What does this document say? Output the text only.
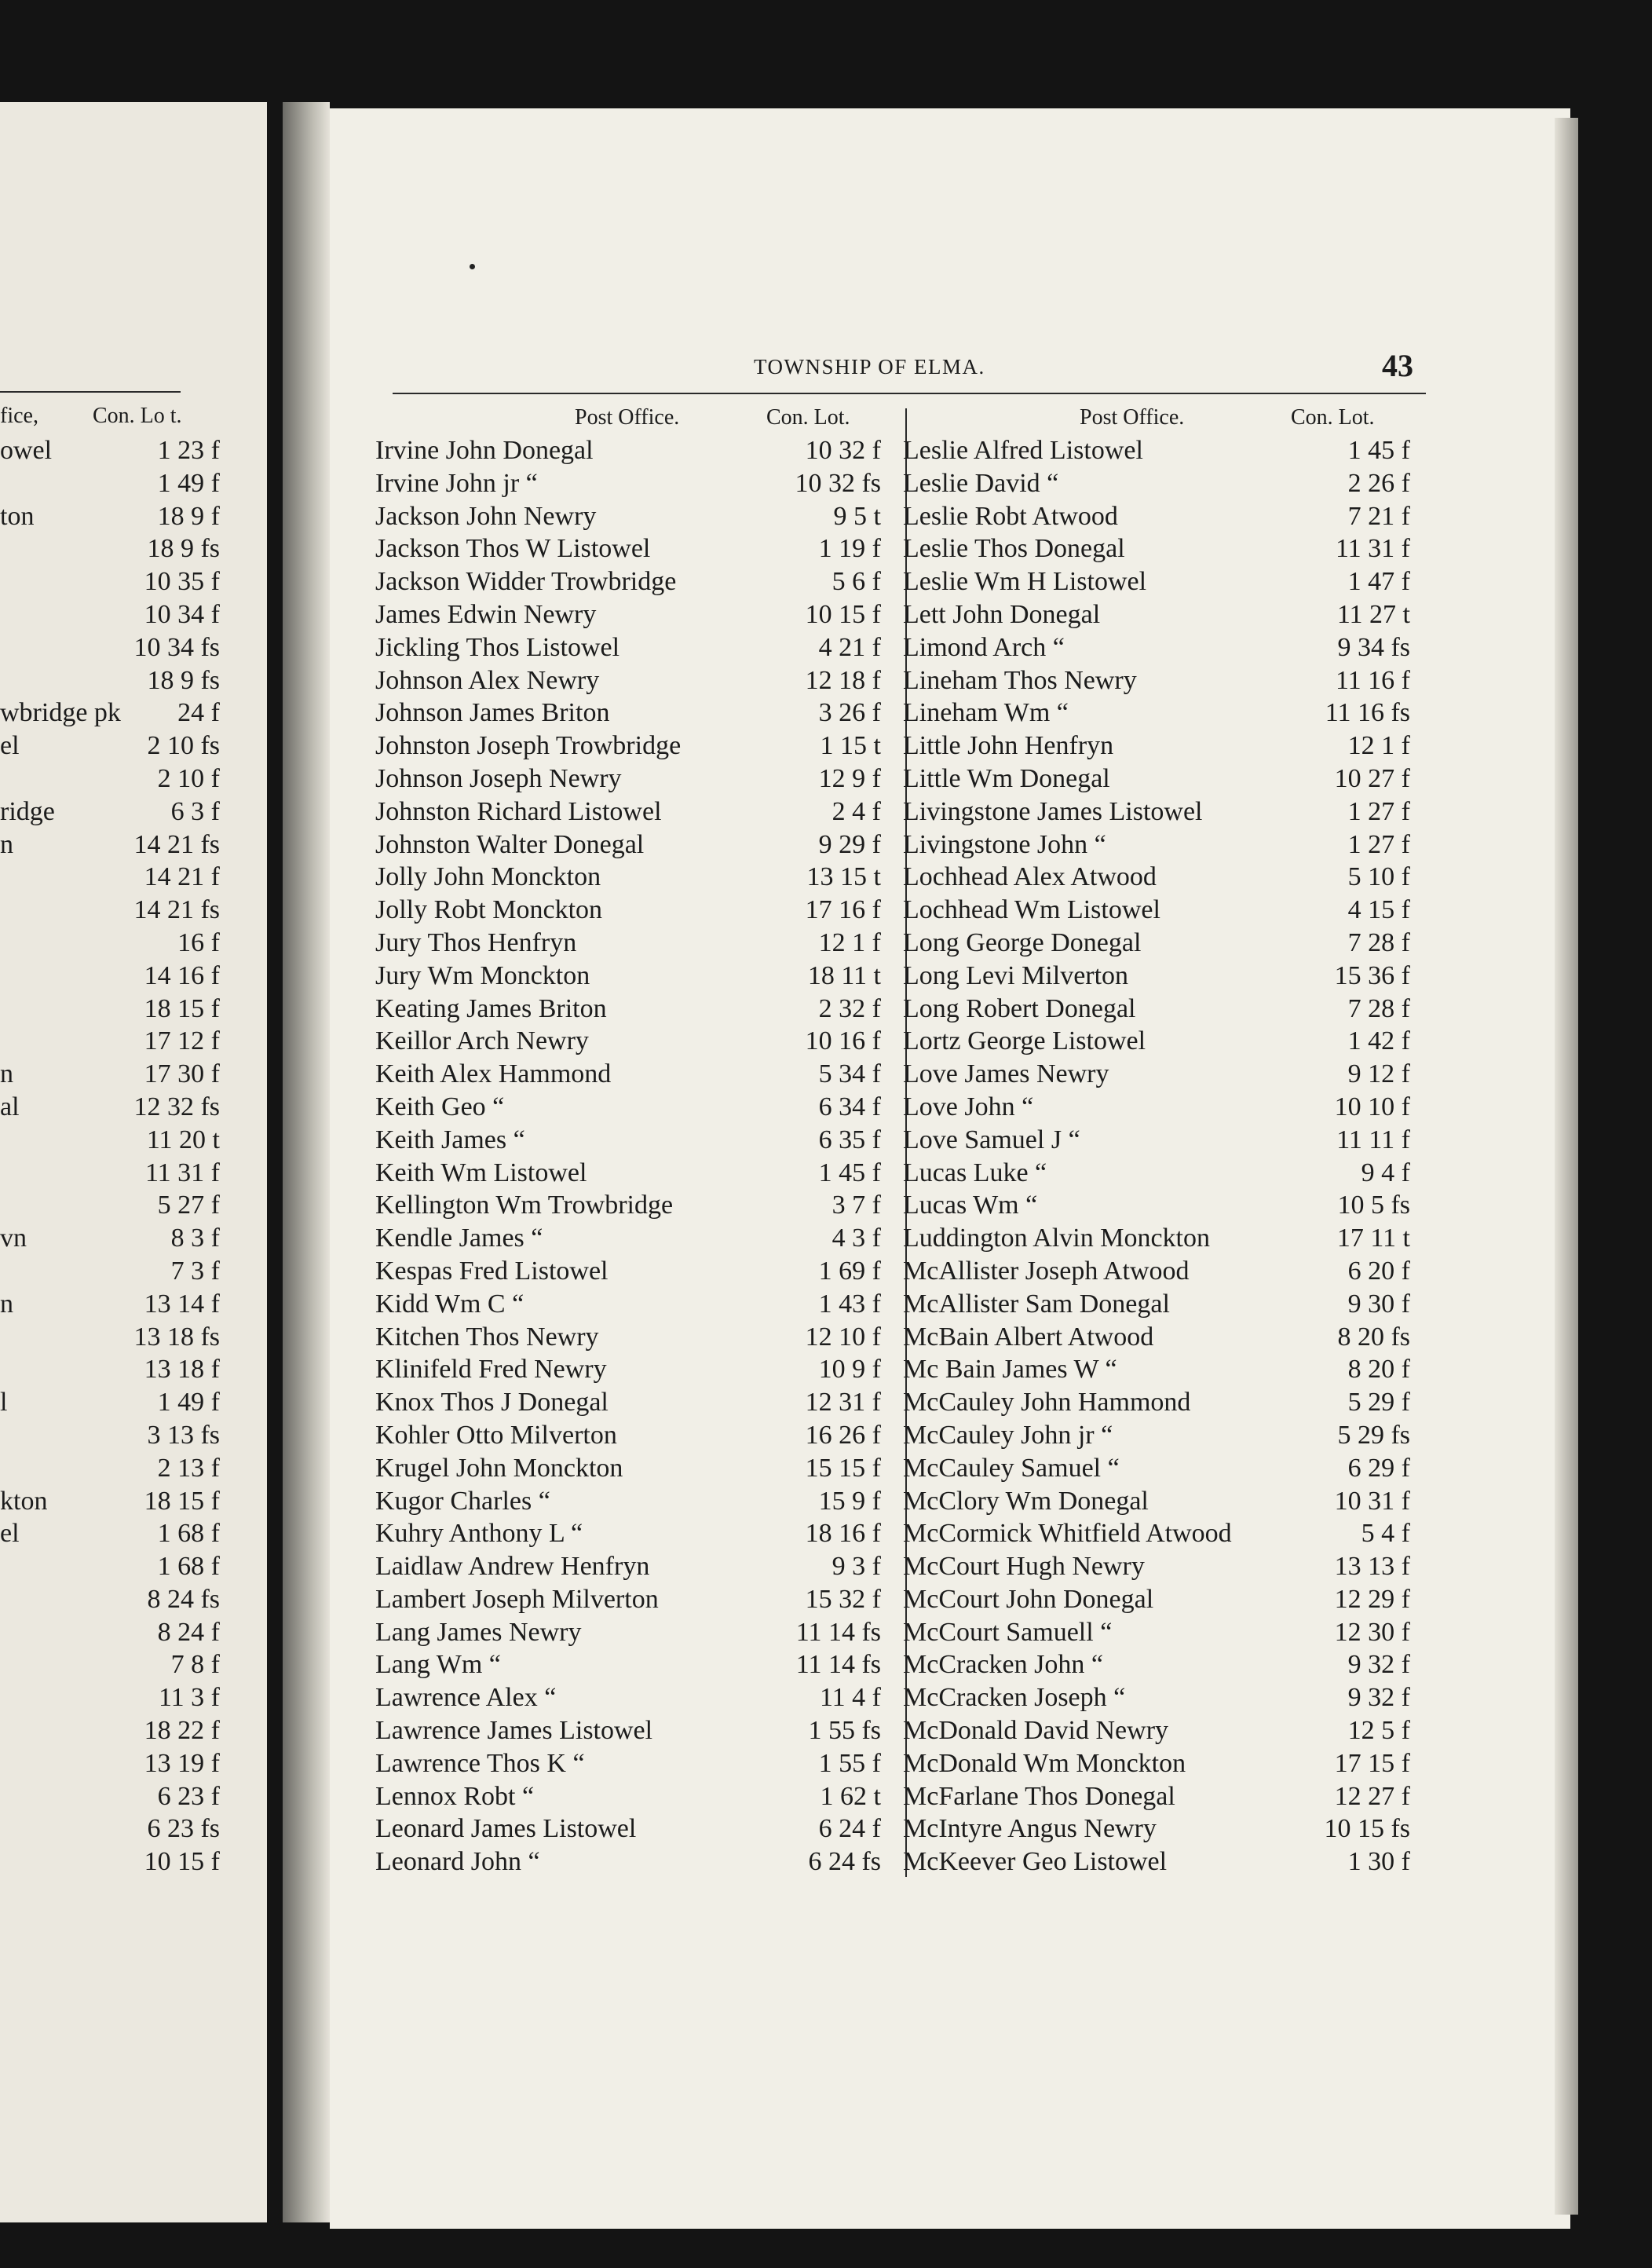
fice, Con. Lo t.
owel	1 23 f
1 49 f
ton	18 9 f
18 9 fs
10 35 f
10 34 f
10 34 fs
18 9 fs
wbridge pk 24 f
el	2 10 fs
2 10 f
ridge	6 3 f
n	14 21 fs
14 21 f
14 21 fs
16 f
14 16 f
18 15 f
17 12 f
n	17 30 f
al	12 32 fs
11 20 t
11 31 f
5 27 f
vn	8 3 f
7 3 f
n	13 14 f
13 18 fs
13 18 f
l	1 49 f
3 13 fs
2 13 f
kton	18 15 f
el	1 68 f
1 68 f
8 24 fs
8 24 f
7 8 f
11 3 f
18 22 f
13 19 f
6 23 f
6 23 fs
10 15 f
TOWNSHIP OF ELMA.	43
Post Office.	Con. Lot.	Post Office.	Con. Lot.
Irvine John Donegal	10 32 f
Irvine John jr “	10 32 fs
Jackson John Newry	9 5 t
Jackson Thos W Listowel	1 19 f
Jackson Widder Trowbridge	5 6 f
James Edwin Newry	10 15 f
Jickling Thos Listowel	4 21 f
Johnson Alex Newry	12 18 f
Johnson James Briton	3 26 f
Johnston Joseph Trowbridge	1 15 t
Johnson Joseph Newry	12 9 f
Johnston Richard Listowel	2 4 f
Johnston Walter Donegal	9 29 f
Jolly John Monckton	13 15 t
Jolly Robt Monckton	17 16 f
Jury Thos Henfryn	12 1 f
Jury Wm Monckton	18 11 t
Keating James Briton	2 32 f
Keillor Arch Newry	10 16 f
Keith Alex Hammond	5 34 f
Keith Geo “	6 34 f
Keith James “	6 35 f
Keith Wm Listowel	1 45 f
Kellington Wm Trowbridge	3 7 f
Kendle James “	4 3 f
Kespas Fred Listowel	1 69 f
Kidd Wm C “	1 43 f
Kitchen Thos Newry	12 10 f
Klinifeld Fred Newry	10 9 f
Knox Thos J Donegal	12 31 f
Kohler Otto Milverton	16 26 f
Krugel John Monckton	15 15 f
Kugor Charles “	15 9 f
Kuhry Anthony L “	18 16 f
Laidlaw Andrew Henfryn	9 3 f
Lambert Joseph Milverton	15 32 f
Lang James Newry	11 14 fs
Lang Wm “	11 14 fs
Lawrence Alex “	11 4 f
Lawrence James Listowel	1 55 fs
Lawrence Thos K “	1 55 f
Lennox Robt “	1 62 t
Leonard James Listowel	6 24 f
Leonard John “	6 24 fs
Leslie Alfred Listowel	1 45 f
Leslie David “	2 26 f
Leslie Robt Atwood	7 21 f
Leslie Thos Donegal	11 31 f
Leslie Wm H Listowel	1 47 f
Lett John Donegal	11 27 t
Limond Arch “	9 34 fs
Lineham Thos Newry	11 16 f
Lineham Wm “	11 16 fs
Little John Henfryn	12 1 f
Little Wm Donegal	10 27 f
Livingstone James Listowel	1 27 f
Livingstone John “	1 27 f
Lochhead Alex Atwood	5 10 f
Lochhead Wm Listowel	4 15 f
Long George Donegal	7 28 f
Long Levi Milverton	15 36 f
Long Robert Donegal	7 28 f
Lortz George Listowel	1 42 f
Love James Newry	9 12 f
Love John “	10 10 f
Love Samuel J “	11 11 f
Lucas Luke “	9 4 f
Lucas Wm “	10 5 fs
Luddington Alvin Monckton	17 11 t
McAllister Joseph Atwood	6 20 f
McAllister Sam Donegal	9 30 f
McBain Albert Atwood	8 20 fs
Mc Bain James W “	8 20 f
McCauley John Hammond	5 29 f
McCauley John jr “	5 29 fs
McCauley Samuel “	6 29 f
McClory Wm Donegal	10 31 f
McCormick Whitfield Atwood	5 4 f
McCourt Hugh Newry	13 13 f
McCourt John Donegal	12 29 f
McCourt Samuell “	12 30 f
McCracken John “	9 32 f
McCracken Joseph “	9 32 f
McDonald David Newry	12 5 f
McDonald Wm Monckton	17 15 f
McFarlane Thos Donegal	12 27 f
McIntyre Angus Newry	10 15 fs
McKeever Geo Listowel	1 30 f
